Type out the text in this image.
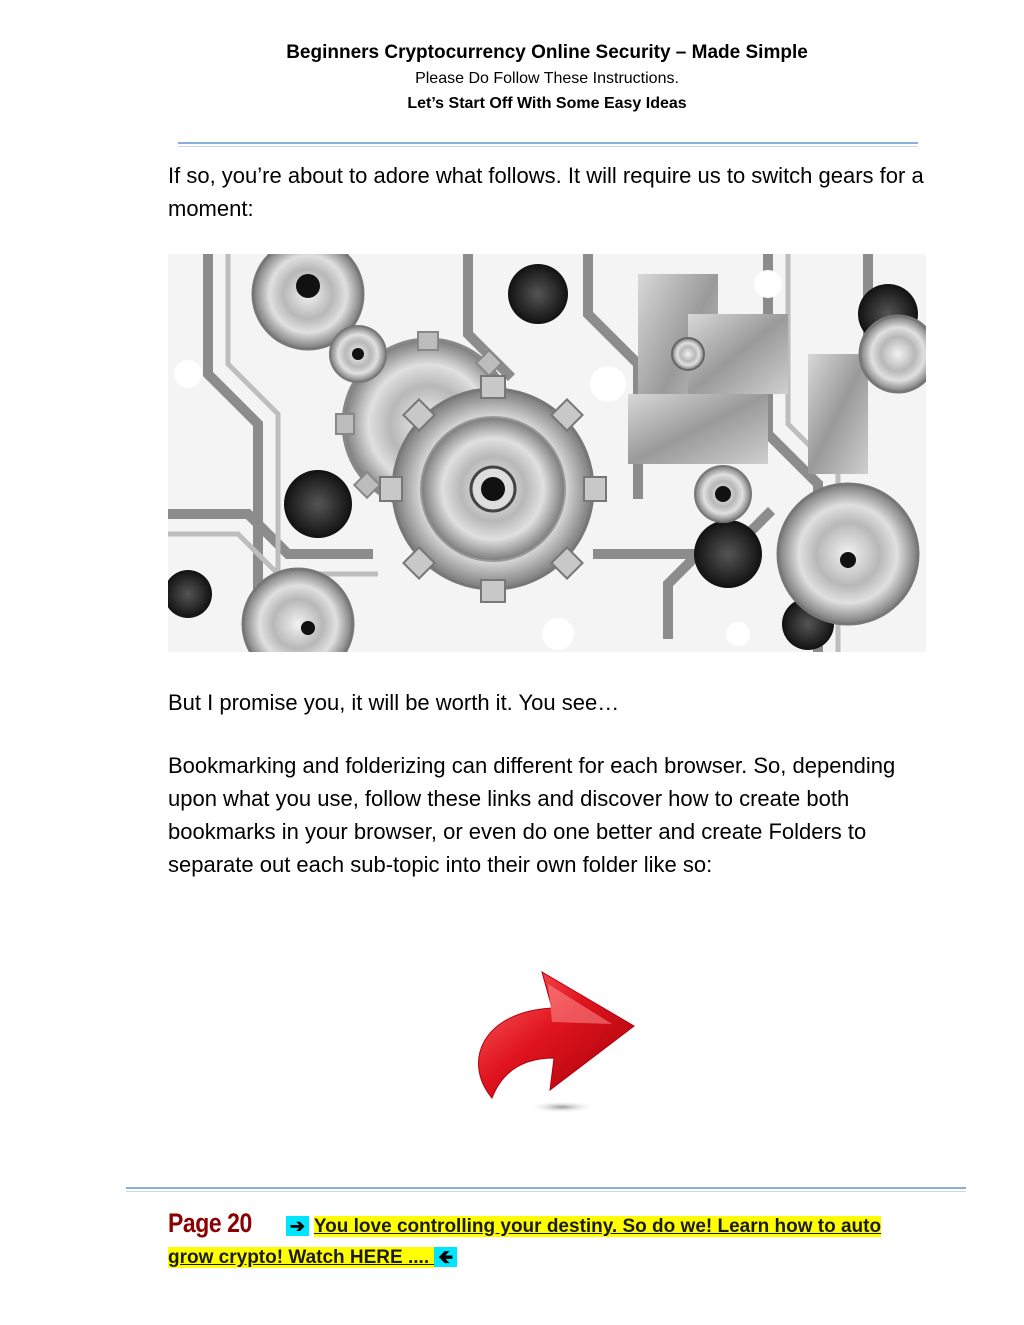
Beginners Cryptocurrency Online Security – Made Simple
Please Do Follow These Instructions.
Let’s Start Off With Some Easy Ideas

If so, you’re about to adore what follows. It will require us to switch gears for a moment:

But I promise you, it will be worth it. You see…

Bookmarking and folderizing can different for each browser. So, depending upon what you use, follow these links and discover how to create both bookmarks in your browser, or even do one better and create Folders to separate out each sub-topic into their own folder like so:

Page 20 ➔ You love controlling your destiny. So do we! Learn how to auto grow crypto! Watch HERE .... 🡸
